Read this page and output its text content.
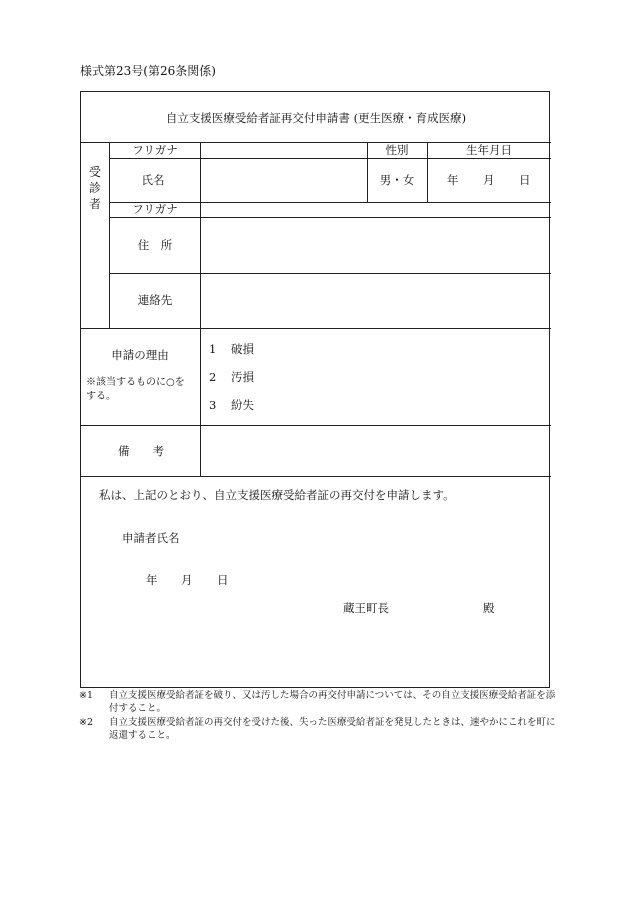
様式第23号(第26条関係)
自立支援医療受給者証再交付申請書 (更生医療・育成医療)
受
診
者
フリガナ	性別	生年月日
氏名	男・女	年 月 日
フリガナ
住　所
連絡先
申請の理由
※該当するものに○をする。
1 破損
2 汚損
3 紛失
備　　考
私は、上記のとおり、自立支援医療受給者証の再交付を申請します。
申請者氏名
年 月 日
蔵王町長	殿
※1	自立支援医療受給者証を破り、又は汚した場合の再交付申請については、その自立支援医療受給者証を添付すること。
※2	自立支援医療受給者証の再交付を受けた後、失った医療受給者証を発見したときは、速やかにこれを町に返還すること。
